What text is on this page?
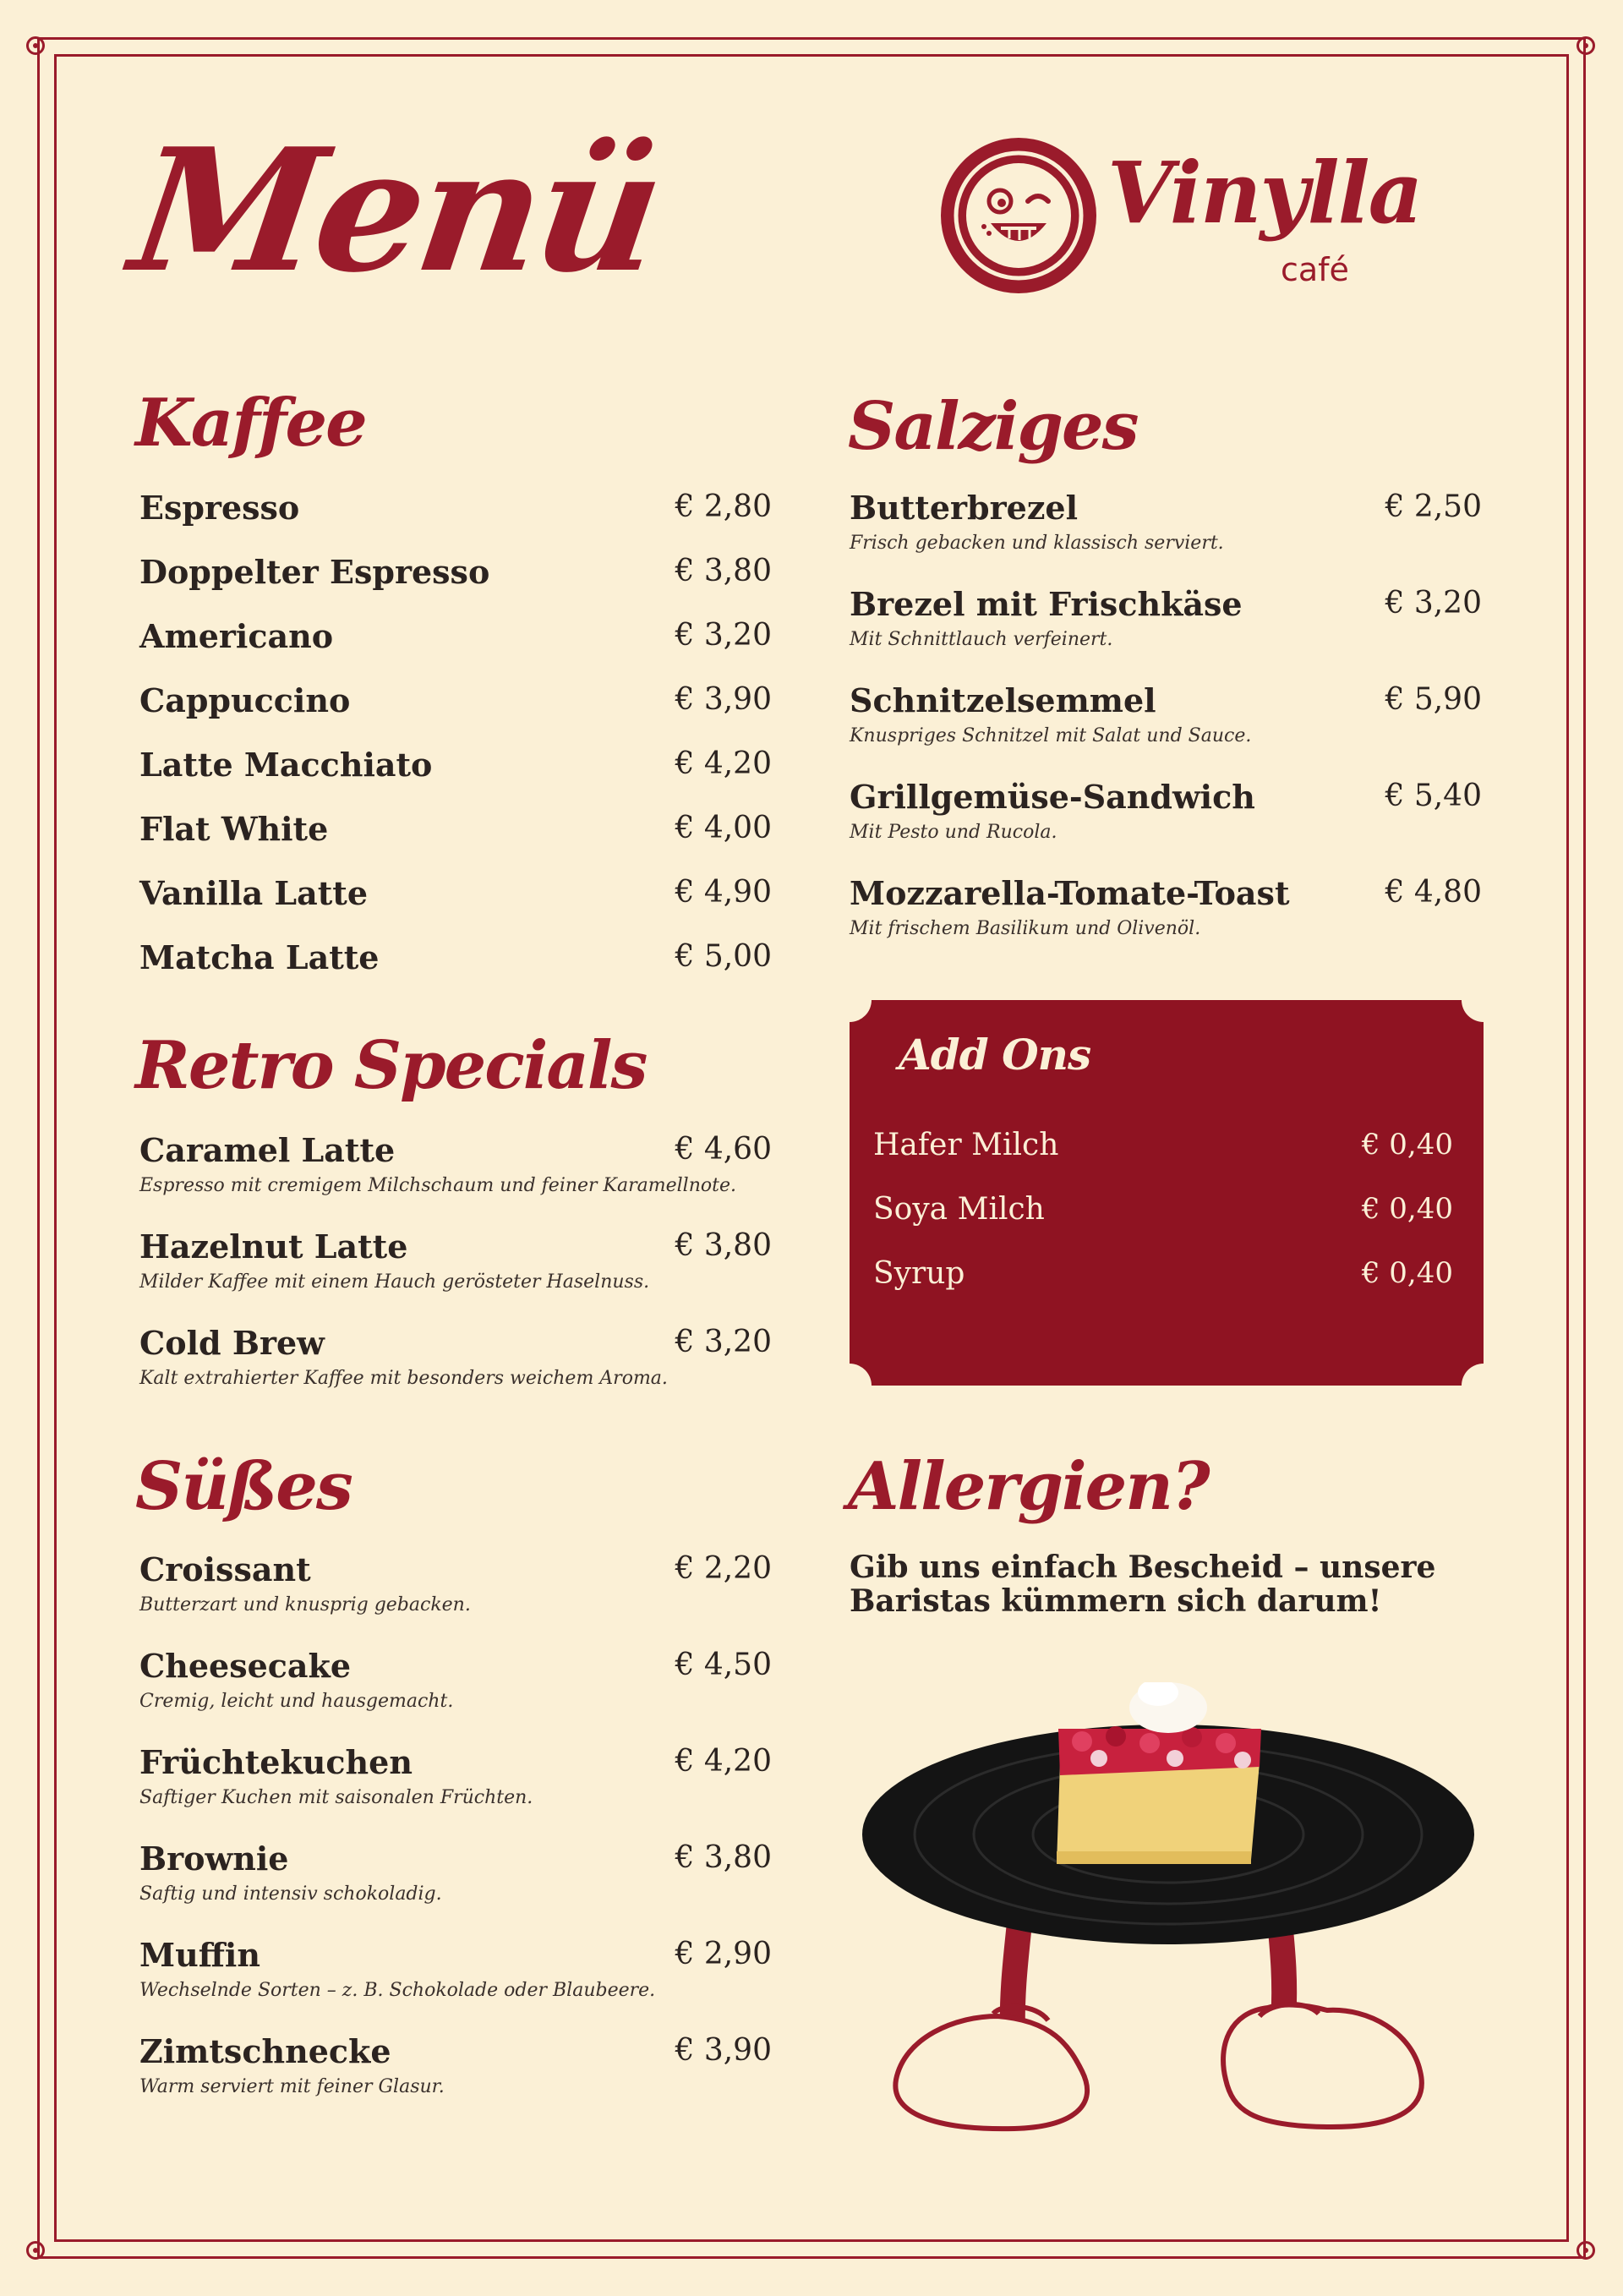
Menü	Vinylla
café
Kaffee
Espresso	€ 2,80
Doppelter Espresso	€ 3,80
Americano	€ 3,20
Cappuccino	€ 3,90
Latte Macchiato	€ 4,20
Flat White	€ 4,00
Vanilla Latte	€ 4,90
Matcha Latte	€ 5,00
Retro Specials
Caramel Latte	€ 4,60
Espresso mit cremigem Milchschaum und feiner Karamellnote.
Hazelnut Latte	€ 3,80
Milder Kaffee mit einem Hauch gerösteter Haselnuss.
Cold Brew	€ 3,20
Kalt extrahierter Kaffee mit besonders weichem Aroma.
Süßes
Croissant	€ 2,20
Butterzart und knusprig gebacken.
Cheesecake	€ 4,50
Cremig, leicht und hausgemacht.
Früchtekuchen	€ 4,20
Saftiger Kuchen mit saisonalen Früchten.
Brownie	€ 3,80
Saftig und intensiv schokoladig.
Muffin	€ 2,90
Wechselnde Sorten – z. B. Schokolade oder Blaubeere.
Zimtschnecke	€ 3,90
Warm serviert mit feiner Glasur.
Salziges
Butterbrezel	€ 2,50
Frisch gebacken und klassisch serviert.
Brezel mit Frischkäse	€ 3,20
Mit Schnittlauch verfeinert.
Schnitzelsemmel	€ 5,90
Knuspriges Schnitzel mit Salat und Sauce.
Grillgemüse-Sandwich	€ 5,40
Mit Pesto und Rucola.
Mozzarella-Tomate-Toast	€ 4,80
Mit frischem Basilikum und Olivenöl.
Add Ons
Hafer Milch	€ 0,40
Soya Milch	€ 0,40
Syrup	€ 0,40
Allergien?
Gib uns einfach Bescheid – unsere Baristas kümmern sich darum!
